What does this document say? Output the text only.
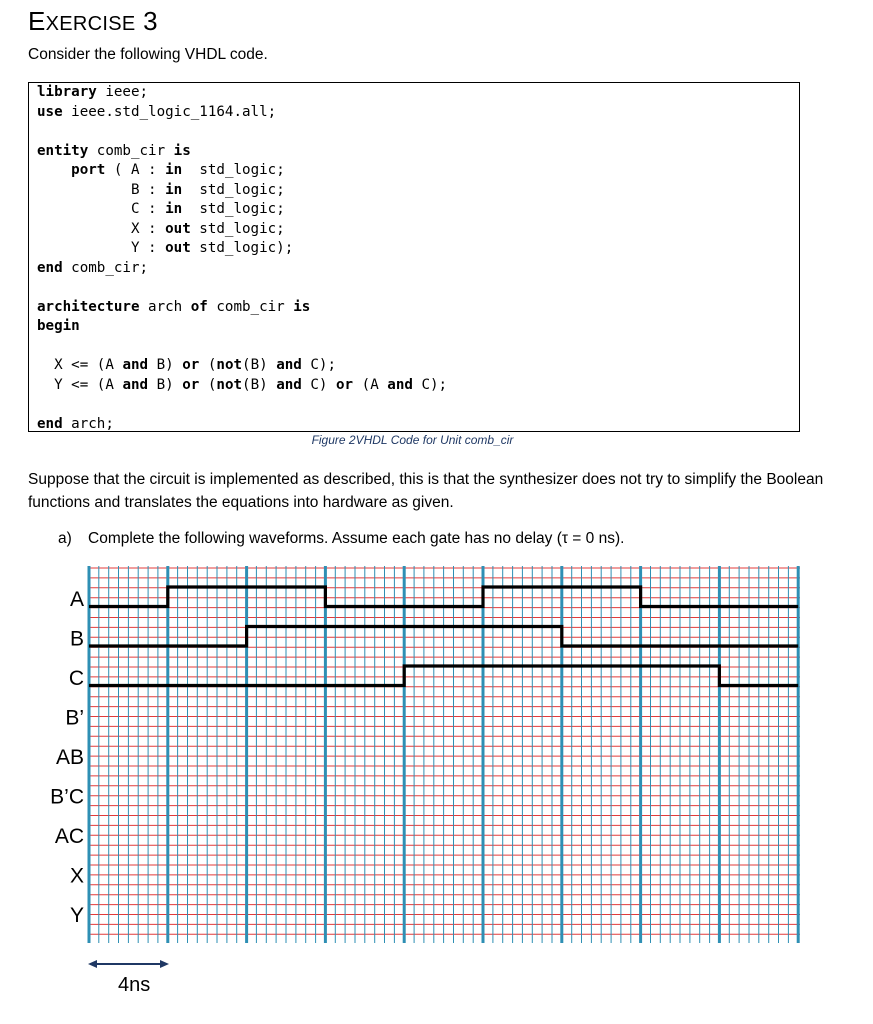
EXERCISE 3
Consider the following VHDL code.
library ieee;
use ieee.std_logic_1164.all;

entity comb_cir is
port ( A : in  std_logic;
B : in  std_logic;
C : in  std_logic;
X : out std_logic;
Y : out std_logic);
end comb_cir;

architecture arch of comb_cir is
begin

X <= (A and B) or (not(B) and C);
Y <= (A and B) or (not(B) and C) or (A and C);

end arch;
Figure 2VHDL Code for Unit comb_cir
Suppose that the circuit is implemented as described, this is that the synthesizer does not try to simplify the Boolean functions and translates the equations into hardware as given.
a) Complete the following waveforms. Assume each gate has no delay (τ = 0 ns).
A
B
C
B’
AB
B’C
AC
X
Y
4ns
